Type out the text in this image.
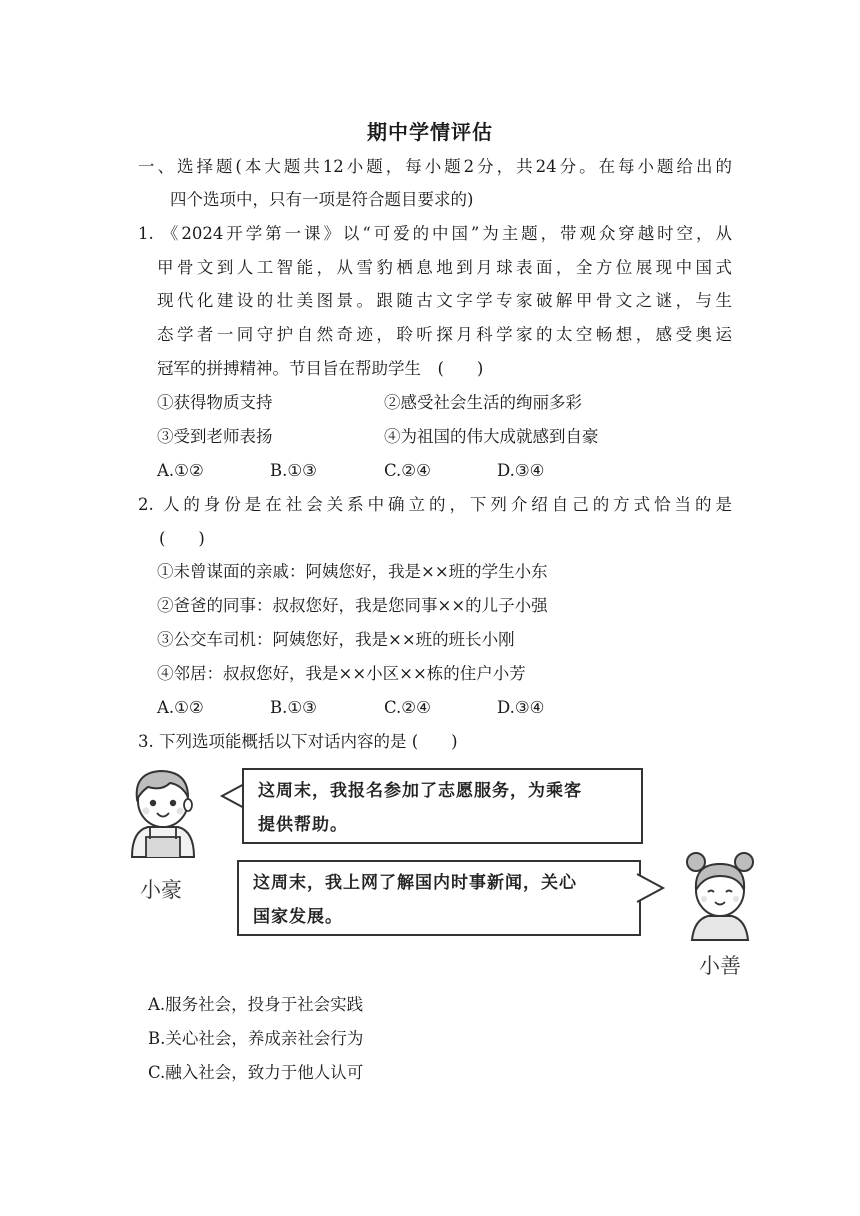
期中学情评估
一、选择题(本大题共12小题，每小题2分，共24分。在每小题给出的
四个选项中，只有一项是符合题目要求的)
1. 《2024开学第一课》以“可爱的中国”为主题，带观众穿越时空，从
甲骨文到人工智能，从雪豹栖息地到月球表面，全方位展现中国式
现代化建设的壮美图景。跟随古文字学专家破解甲骨文之谜，与生
态学者一同守护自然奇迹，聆听探月科学家的太空畅想，感受奥运
冠军的拼搏精神。节目旨在帮助学生　(　　)
①获得物质支持	②感受社会生活的绚丽多彩
③受到老师表扬	④为祖国的伟大成就感到自豪
A.①②	B.①③	C.②④	D.③④
2. 人的身份是在社会关系中确立的，下列介绍自己的方式恰当的是
(　　)
①未曾谋面的亲戚：阿姨您好，我是××班的学生小东
②爸爸的同事：叔叔您好，我是您同事××的儿子小强
③公交车司机：阿姨您好，我是××班的班长小刚
④邻居：叔叔您好，我是××小区××栋的住户小芳
A.①②	B.①③	C.②④	D.③④
3. 下列选项能概括以下对话内容的是 (　　)
这周末，我报名参加了志愿服务，为乘客
提供帮助。
小豪	这周末，我上网了解国内时事新闻，关心
国家发展。
小善
A.服务社会，投身于社会实践
B.关心社会，养成亲社会行为
C.融入社会，致力于他人认可
